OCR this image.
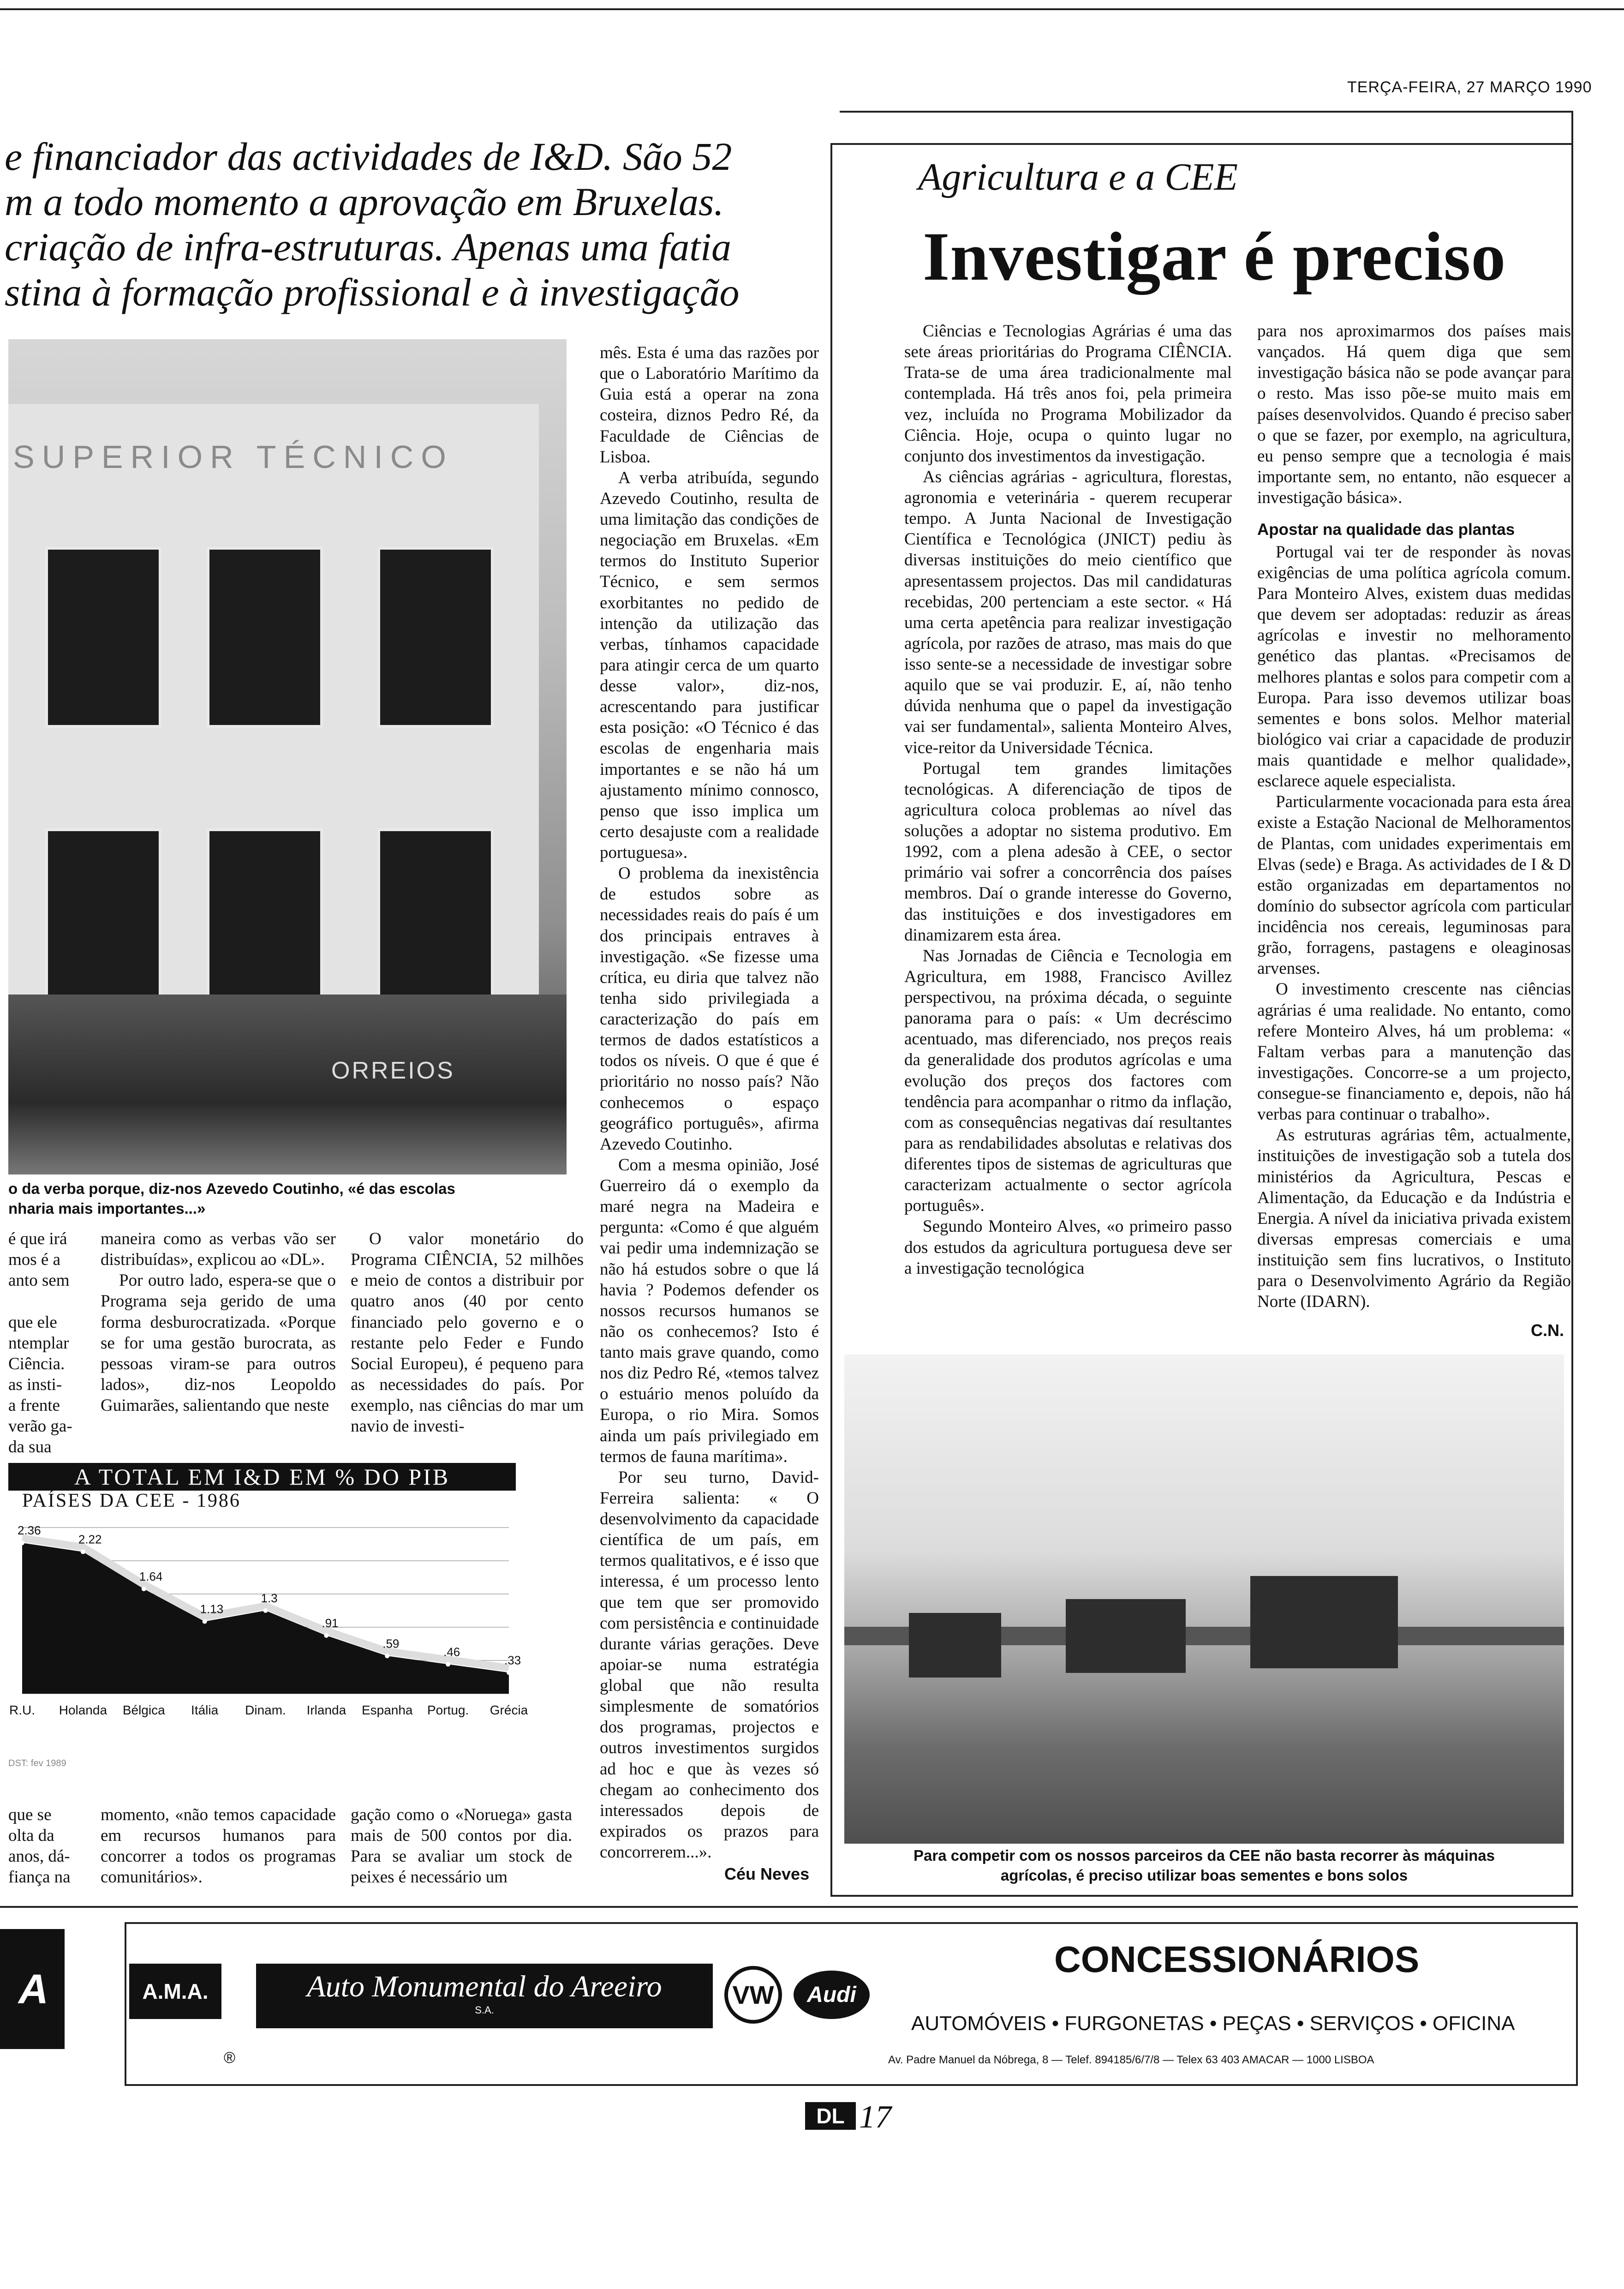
TERÇA-FEIRA, 27 MARÇO 1990
e financiador das actividades de I&D. São 52
m a todo momento a aprovação em Bruxelas.
criação de infra-estruturas. Apenas uma fatia
stina à formação profissional e à investigação
SUPERIOR TÉCNICO
ORREIOS
o da verba porque, diz-nos Azevedo Coutinho, «é das escolas
nharia mais importantes...»

mês. Esta é uma das razões por que o Laboratório Marítimo da Guia está a operar na zona costeira, diznos Pedro Ré, da Faculdade de Ciências de Lisboa.

A verba atribuída, segundo Azevedo Coutinho, resulta de uma limitação das condições de negociação em Bruxelas. «Em termos do Instituto Superior Técnico, e sem sermos exorbitantes no pedido de intenção da utilização das verbas, tínhamos capacidade para atingir cerca de um quarto desse valor», diz-nos, acrescentando para justificar esta posição: «O Técnico é das escolas de engenharia mais importantes e se não há um ajustamento mínimo connosco, penso que isso implica um certo desajuste com a realidade portuguesa».

O problema da inexistência de estudos sobre as necessidades reais do país é um dos principais entraves à investigação. «Se fizesse uma crítica, eu diria que talvez não tenha sido privilegiada a caracterização do país em termos de dados estatísticos a todos os níveis. O que é que é prioritário no nosso país? Não conhecemos o espaço geográfico português», afirma Azevedo Coutinho.

Com a mesma opinião, José Guerreiro dá o exemplo da maré negra na Madeira e pergunta: «Como é que alguém vai pedir uma indemnização se não há estudos sobre o que lá havia ? Podemos defender os nossos recursos humanos se não os conhecemos? Isto é tanto mais grave quando, como nos diz Pedro Ré, «temos talvez o estuário menos poluído da Europa, o rio Mira. Somos ainda um país privilegiado em termos de fauna marítima».

Por seu turno, David-Ferreira salienta: « O desenvolvimento da capacidade científica de um país, em termos qualitativos, e é isso que interessa, é um processo lento que tem que ser promovido com persistência e continuidade durante várias gerações. Deve apoiar-se numa estratégia global que não resulta simplesmente de somatórios dos programas, projectos e outros investimentos surgidos ad hoc e que às vezes só chegam ao conhecimento dos interessados depois de expirados os prazos para concorrerem...».

Céu Neves
é que irá
mos é a
anto sem

que ele
ntemplar
Ciência.
as insti-
a frente
verão ga-
da sua

maneira como as verbas vão ser distribuídas», explicou ao «DL».

Por outro lado, espera-se que o Programa seja gerido de uma forma desburocratizada. «Porque se for uma gestão burocrata, as pessoas viram-se para outros lados», diz-nos Leopoldo Guimarães, salientando que neste

O valor monetário do Programa CIÊNCIA, 52 milhões e meio de contos a distribuir por quatro anos (40 por cento financiado pelo governo e o restante pelo Feder e Fundo Social Europeu), é pequeno para as necessidades do país. Por exemplo, nas ciências do mar um navio de investi-

A TOTAL EM I&D EM % DO PIB
PAÍSES DA CEE - 1986
2.36
R.U.
2.22
Holanda
1.64
Bélgica
1.13
Itália
1.3
Dinam.
.91
Irlanda
.59
Espanha
.46
Portug.
.33
Grécia
DST: fev 1989
que se
olta da
anos, dá-
fiança na
momento, «não temos capacidade em recursos humanos para concorrer a todos os programas comunitários».
gação como o «Noruega» gasta mais de 500 contos por dia. Para se avaliar um stock de peixes é necessário um
Agricultura e a CEE
Investigar é preciso

Ciências e Tecnologias Agrárias é uma das sete áreas prioritárias do Programa CIÊNCIA. Trata-se de uma área tradicionalmente mal contemplada. Há três anos foi, pela primeira vez, incluída no Programa Mobilizador da Ciência. Hoje, ocupa o quinto lugar no conjunto dos investimentos da investigação.

As ciências agrárias - agricultura, florestas, agronomia e veterinária - querem recuperar tempo. A Junta Nacional de Investigação Científica e Tecnológica (JNICT) pediu às diversas instituições do meio científico que apresentassem projectos. Das mil candidaturas recebidas, 200 pertenciam a este sector. « Há uma certa apetência para realizar investigação agrícola, por razões de atraso, mas mais do que isso sente-se a necessidade de investigar sobre aquilo que se vai produzir. E, aí, não tenho dúvida nenhuma que o papel da investigação vai ser fundamental», salienta Monteiro Alves, vice-reitor da Universidade Técnica.

Portugal tem grandes limitações tecnológicas. A diferenciação de tipos de agricultura coloca problemas ao nível das soluções a adoptar no sistema produtivo. Em 1992, com a plena adesão à CEE, o sector primário vai sofrer a concorrência dos países membros. Daí o grande interesse do Governo, das instituições e dos investigadores em dinamizarem esta área.

Nas Jornadas de Ciência e Tecnologia em Agricultura, em 1988, Francisco Avillez perspectivou, na próxima década, o seguinte panorama para o país: « Um decréscimo acentuado, mas diferenciado, nos preços reais da generalidade dos produtos agrícolas e uma evolução dos preços dos factores com tendência para acompanhar o ritmo da inflação, com as consequências negativas daí resultantes para as rendabilidades absolutas e relativas dos diferentes tipos de sistemas de agriculturas que caracterizam actualmente o sector agrícola português».

Segundo Monteiro Alves, «o primeiro passo dos estudos da agricultura portuguesa deve ser a investigação tecnológica

para nos aproximarmos dos países mais vançados. Há quem diga que sem investigação básica não se pode avançar para o resto. Mas isso põe-se muito mais em países desenvolvidos. Quando é preciso saber o que se fazer, por exemplo, na agricultura, eu penso sempre que a tecnologia é mais importante sem, no entanto, não esquecer a investigação básica».

Apostar na qualidade das plantas

Portugal vai ter de responder às novas exigências de uma política agrícola comum. Para Monteiro Alves, existem duas medidas que devem ser adoptadas: reduzir as áreas agrícolas e investir no melhoramento genético das plantas. «Precisamos de melhores plantas e solos para competir com a Europa. Para isso devemos utilizar boas sementes e bons solos. Melhor material biológico vai criar a capacidade de produzir mais quantidade e melhor qualidade», esclarece aquele especialista.

Particularmente vocacionada para esta área existe a Estação Nacional de Melhoramentos de Plantas, com unidades experimentais em Elvas (sede) e Braga. As actividades de I & D estão organizadas em departamentos no domínio do subsector agrícola com particular incidência nos cereais, leguminosas para grão, forragens, pastagens e oleaginosas arvenses.

O investimento crescente nas ciências agrárias é uma realidade. No entanto, como refere Monteiro Alves, há um problema: « Faltam verbas para a manutenção das investigações. Concorre-se a um projecto, consegue-se financiamento e, depois, não há verbas para continuar o trabalho».

As estruturas agrárias têm, actualmente, instituições de investigação sob a tutela dos ministérios da Agricultura, Pescas e Alimentação, da Educação e da Indústria e Energia. A nível da iniciativa privada existem diversas empresas comerciais e uma instituição sem fins lucrativos, o Instituto para o Desenvolvimento Agrário da Região Norte (IDARN).

C.N.
Para competir com os nossos parceiros da CEE não basta recorrer às máquinas
agrícolas, é preciso utilizar boas sementes e bons solos
A	A.M.A.
®
Auto Monumental do Areeiro
S.A.
VW	Audi
CONCESSIONÁRIOS
AUTOMÓVEIS • FURGONETAS • PEÇAS • SERVIÇOS • OFICINA
Av. Padre Manuel da Nóbrega, 8 — Telef. 894185/6/7/8 — Telex 63 403 AMACAR — 1000 LISBOA
DL 17
